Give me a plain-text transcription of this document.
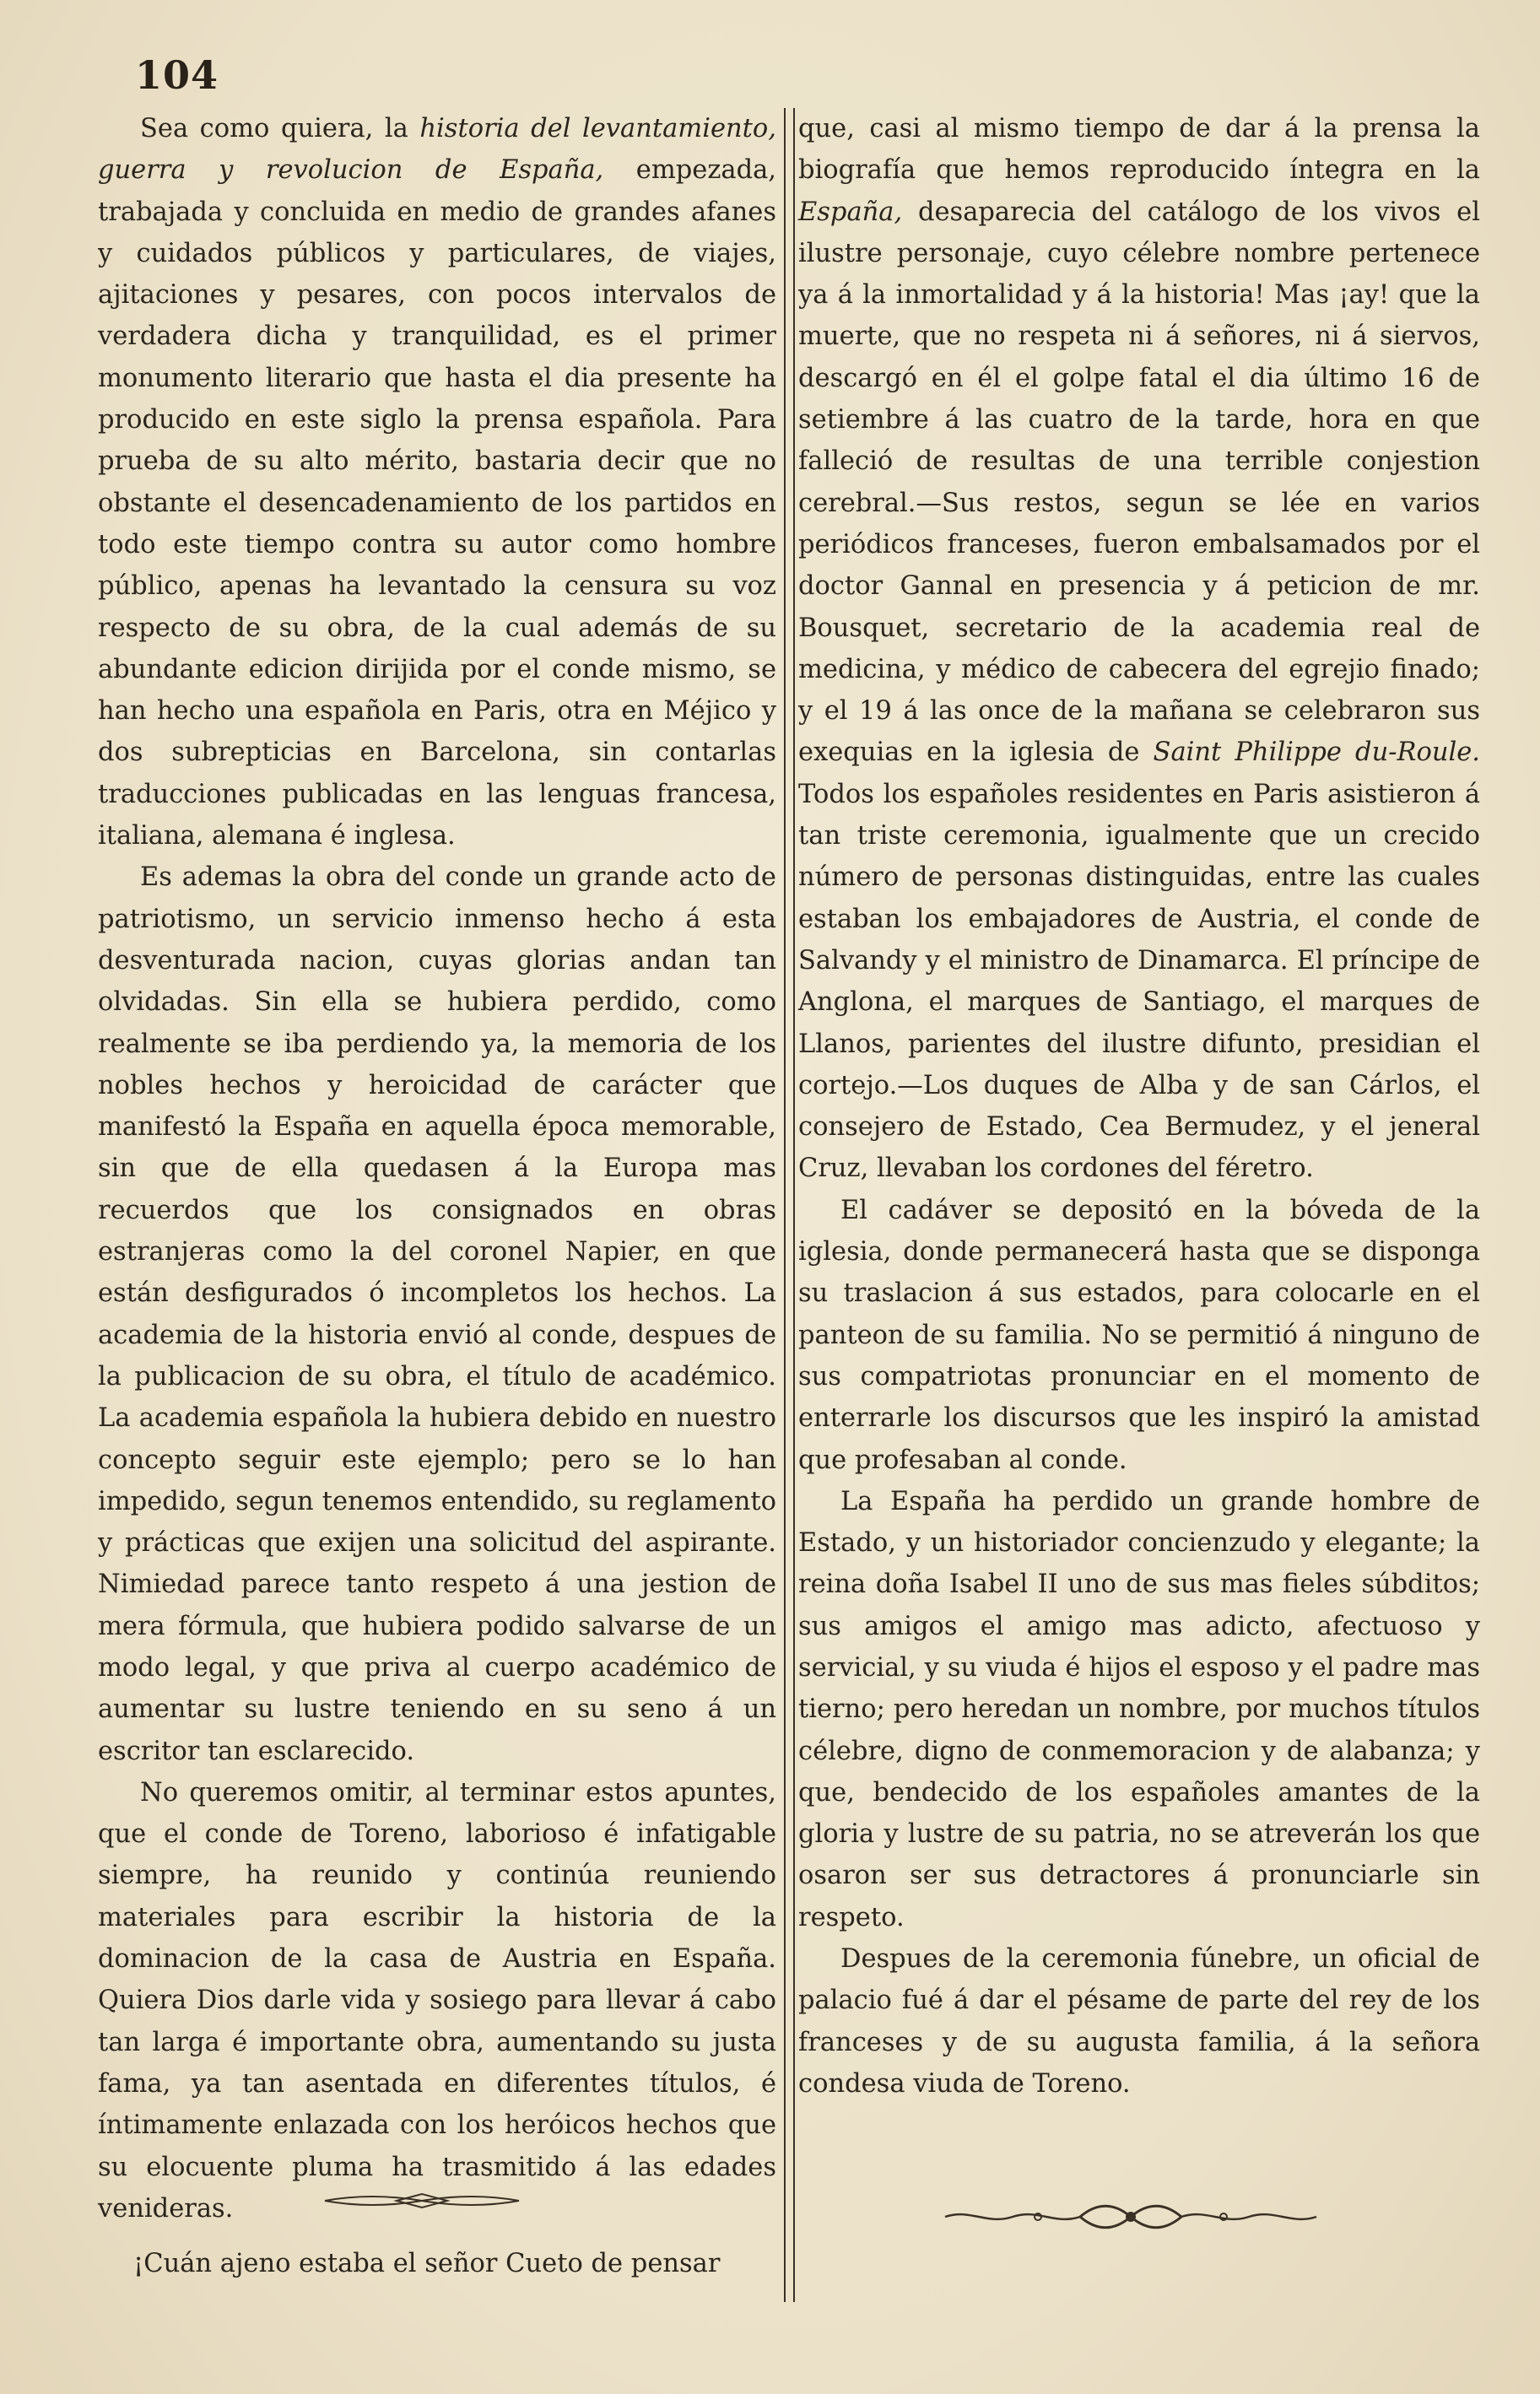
104

Sea como quiera, la historia del levantamiento, guerra y revolucion de España, empezada, trabajada y concluida en medio de grandes afanes y cuidados públicos y particulares, de viajes, ajitaciones y pesares, con pocos intervalos de verdadera dicha y tranquilidad, es el primer monumento literario que hasta el dia presente ha producido en este siglo la prensa española. Para prueba de su alto mérito, bastaria decir que no obstante el desencadenamiento de los partidos en todo este tiempo contra su autor como hombre público, apenas ha levantado la censura su voz respecto de su obra, de la cual además de su abundante edicion dirijida por el conde mismo, se han hecho una española en Paris, otra en Méjico y dos subrepticias en Barcelona, sin contarlas traducciones publicadas en las lenguas francesa, italiana, alemana é inglesa.

Es ademas la obra del conde un grande acto de patriotismo, un servicio inmenso hecho á esta desventurada nacion, cuyas glorias andan tan olvidadas. Sin ella se hubiera perdido, como realmente se iba perdiendo ya, la memoria de los nobles hechos y heroicidad de carácter que manifestó la España en aquella época memorable, sin que de ella quedasen á la Europa mas recuerdos que los consignados en obras estranjeras como la del coronel Napier, en que están desfigurados ó incompletos los hechos. La academia de la historia envió al conde, despues de la publicacion de su obra, el título de académico. La academia española la hubiera debido en nuestro concepto seguir este ejemplo; pero se lo han impedido, segun tenemos entendido, su reglamento y prácticas que exijen una solicitud del aspirante. Nimiedad parece tanto respeto á una jestion de mera fórmula, que hubiera podido salvarse de un modo legal, y que priva al cuerpo académico de aumentar su lustre teniendo en su seno á un escritor tan esclarecido.

No queremos omitir, al terminar estos apuntes, que el conde de Toreno, laborioso é infatigable siempre, ha reunido y continúa reuniendo materiales para escribir la historia de la dominacion de la casa de Austria en España. Quiera Dios darle vida y sosiego para llevar á cabo tan larga é importante obra, aumentando su justa fama, ya tan asentada en diferentes títulos, é íntimamente enlazada con los heróicos hechos que su elocuente pluma ha trasmitido á las edades venideras.

¡Cuán ajeno estaba el señor Cueto de pensar

que, casi al mismo tiempo de dar á la prensa la biografía que hemos reproducido íntegra en la España, desaparecia del catálogo de los vivos el ilustre personaje, cuyo célebre nombre pertenece ya á la inmortalidad y á la historia! Mas ¡ay! que la muerte, que no respeta ni á señores, ni á siervos, descargó en él el golpe fatal el dia último 16 de setiembre á las cuatro de la tarde, hora en que falleció de resultas de una terrible conjestion cerebral.—Sus restos, segun se lée en varios periódicos franceses, fueron embalsamados por el doctor Gannal en presencia y á peticion de mr. Bousquet, secretario de la academia real de medicina, y médico de cabecera del egrejio finado; y el 19 á las once de la mañana se celebraron sus exequias en la iglesia de Saint Philippe du-Roule. Todos los españoles residentes en Paris asistieron á tan triste ceremonia, igualmente que un crecido número de personas distinguidas, entre las cuales estaban los embajadores de Austria, el conde de Salvandy y el ministro de Dinamarca. El príncipe de Anglona, el marques de Santiago, el marques de Llanos, parientes del ilustre difunto, presidian el cortejo.—Los duques de Alba y de san Cárlos, el consejero de Estado, Cea Bermudez, y el jeneral Cruz, llevaban los cordones del féretro.

El cadáver se depositó en la bóveda de la iglesia, donde permanecerá hasta que se disponga su traslacion á sus estados, para colocarle en el panteon de su familia. No se permitió á ninguno de sus compatriotas pronunciar en el momento de enterrarle los discursos que les inspiró la amistad que profesaban al conde.

La España ha perdido un grande hombre de Estado, y un historiador concienzudo y elegante; la reina doña Isabel II uno de sus mas fieles súbditos; sus amigos el amigo mas adicto, afectuoso y servicial, y su viuda é hijos el esposo y el padre mas tierno; pero heredan un nombre, por muchos títulos célebre, digno de conmemoracion y de alabanza; y que, bendecido de los españoles amantes de la gloria y lustre de su patria, no se atreverán los que osaron ser sus detractores á pronunciarle sin respeto.

Despues de la ceremonia fúnebre, un oficial de palacio fué á dar el pésame de parte del rey de los franceses y de su augusta familia, á la señora condesa viuda de Toreno.
